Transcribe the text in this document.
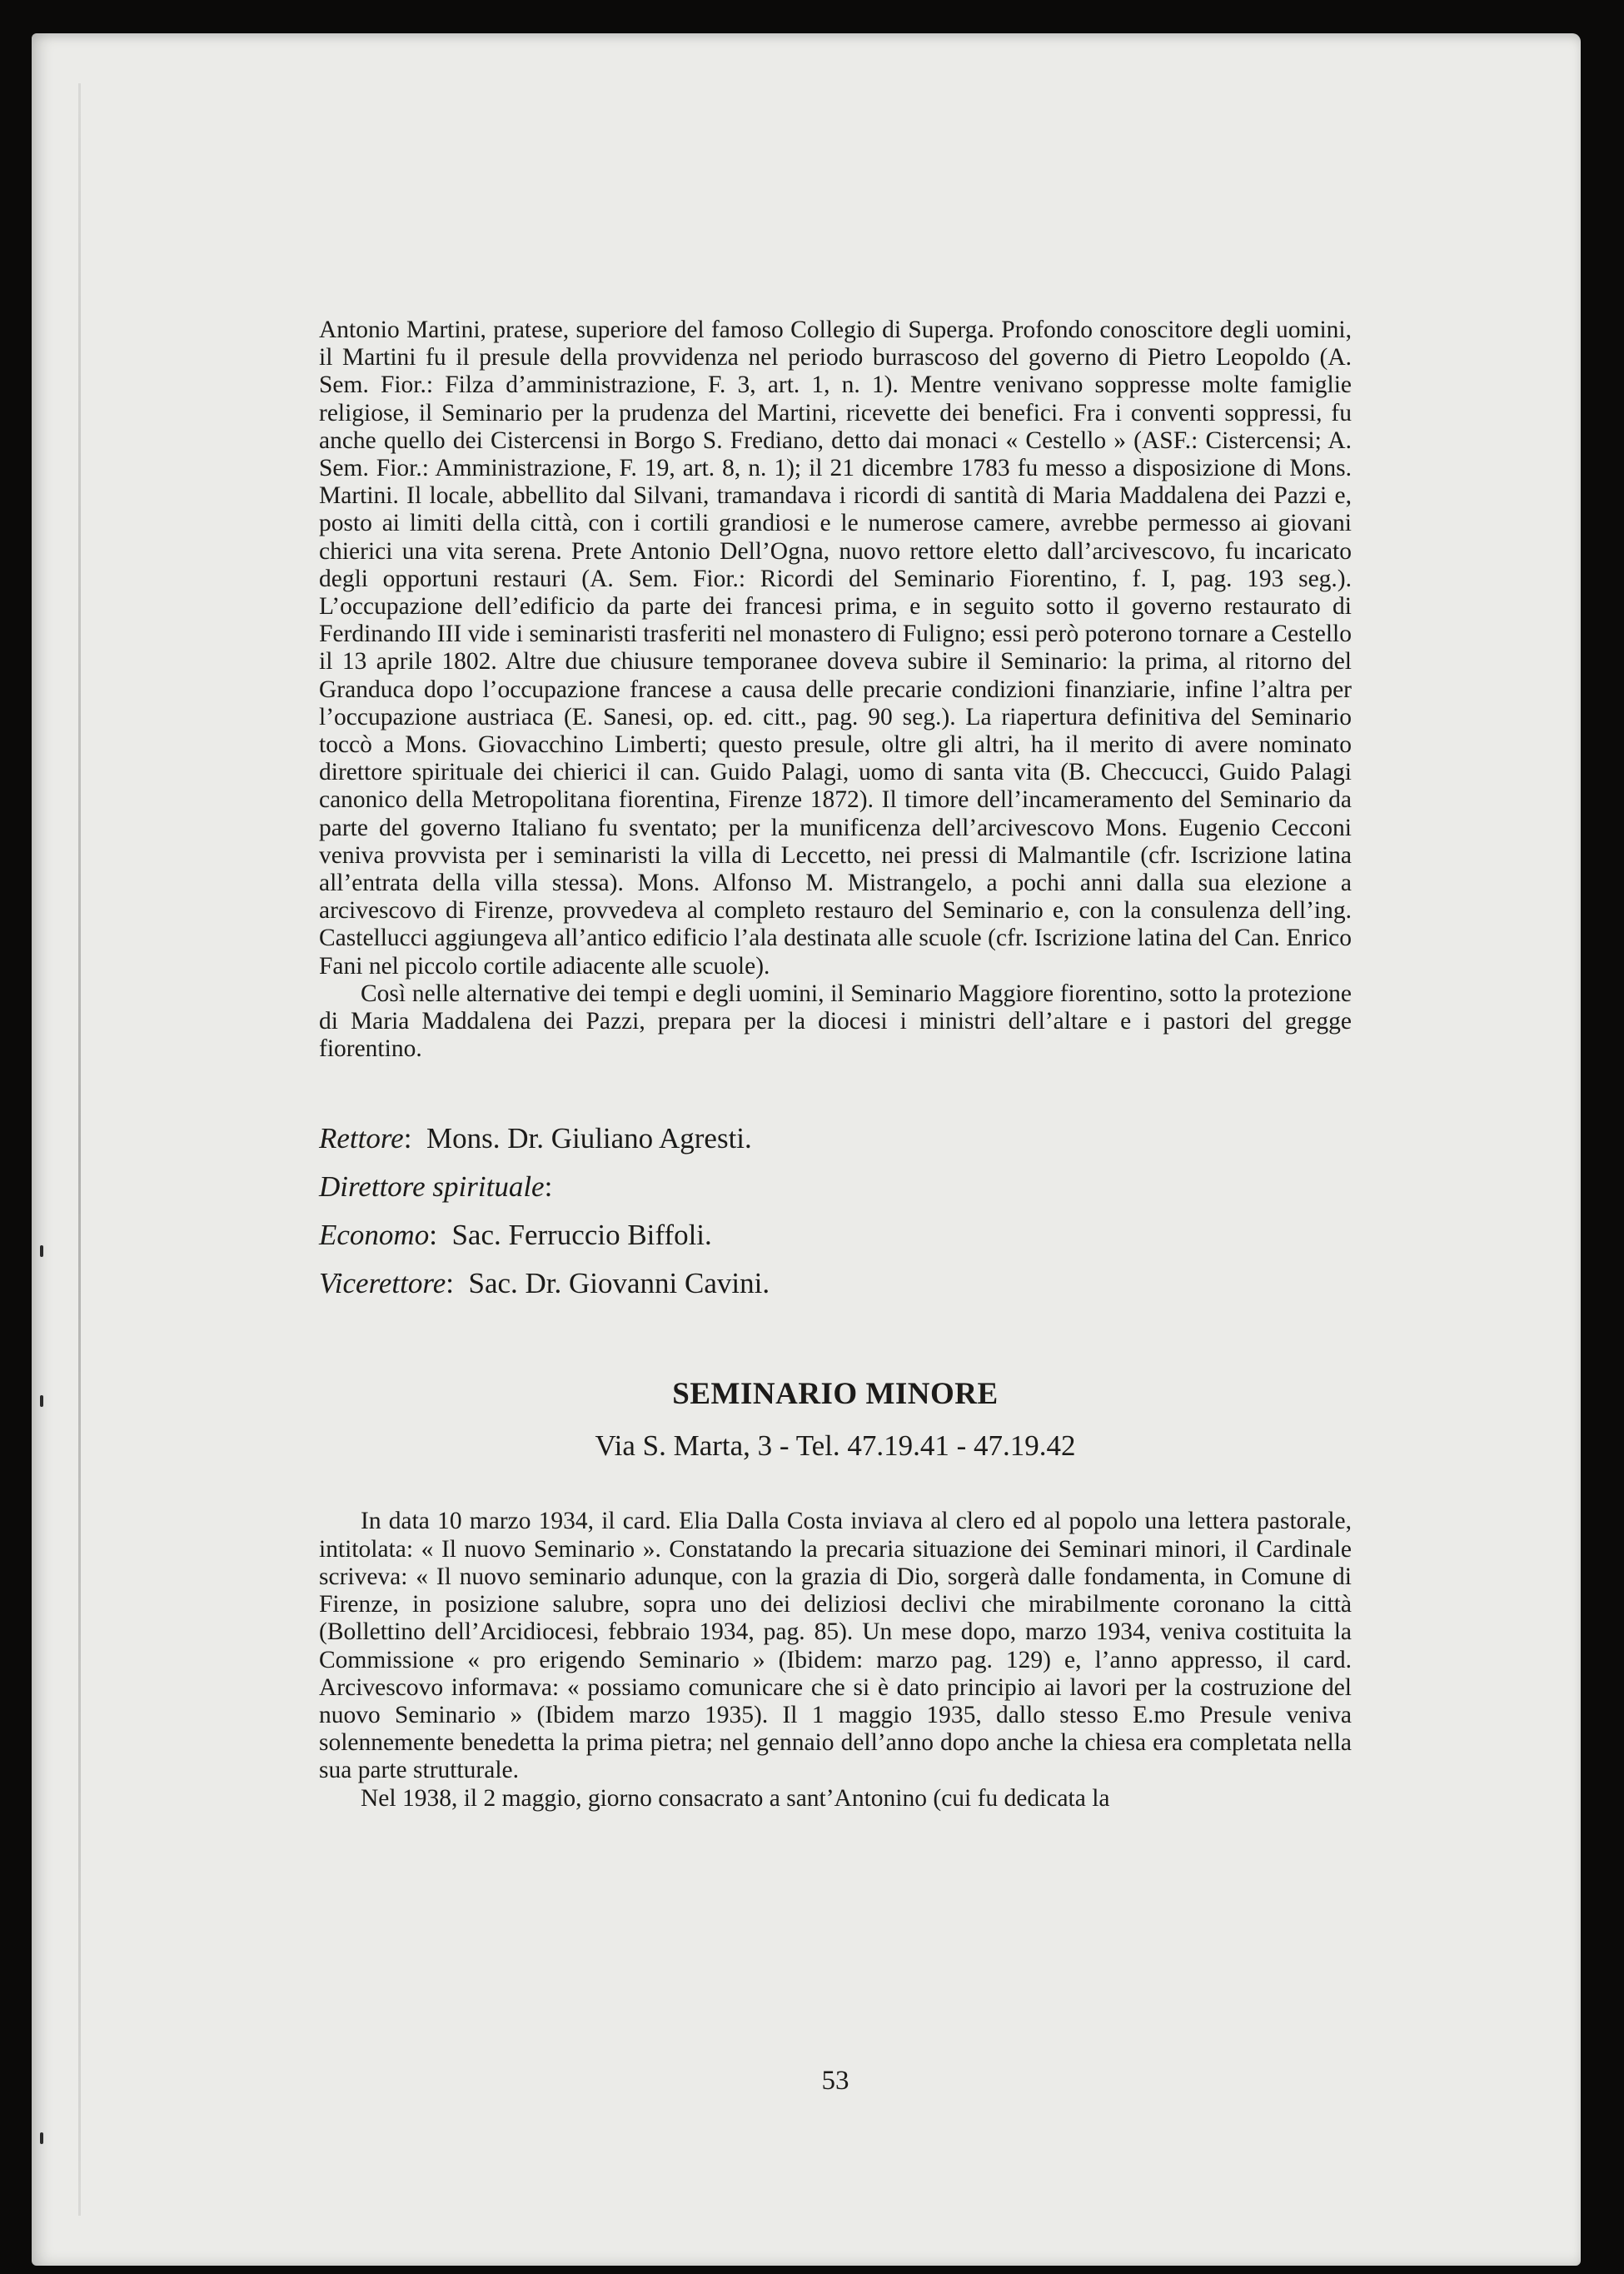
Antonio Martini, pratese, superiore del famoso Collegio di Superga. Profondo conoscitore degli uomini, il Martini fu il presule della provvidenza nel periodo burrascoso del governo di Pietro Leopoldo (A. Sem. Fior.: Filza d’amministrazione, F. 3, art. 1, n. 1). Mentre venivano soppresse molte famiglie religiose, il Seminario per la prudenza del Martini, ricevette dei benefici. Fra i conventi soppressi, fu anche quello dei Cistercensi in Borgo S. Frediano, detto dai monaci « Cestello » (ASF.: Cistercensi; A. Sem. Fior.: Amministrazione, F. 19, art. 8, n. 1); il 21 dicembre 1783 fu messo a disposizione di Mons. Martini. Il locale, abbellito dal Silvani, tramandava i ricordi di santità di Maria Maddalena dei Pazzi e, posto ai limiti della città, con i cortili grandiosi e le numerose camere, avrebbe permesso ai giovani chierici una vita serena. Prete Antonio Dell’Ogna, nuovo rettore eletto dall’arcivescovo, fu incaricato degli opportuni restauri (A. Sem. Fior.: Ricordi del Seminario Fiorentino, f. I, pag. 193 seg.). L’occupazione dell’edificio da parte dei francesi prima, e in seguito sotto il governo restaurato di Ferdinando III vide i seminaristi trasferiti nel monastero di Fuligno; essi però poterono tornare a Cestello il 13 aprile 1802. Altre due chiusure temporanee doveva subire il Seminario: la prima, al ritorno del Granduca dopo l’occupazione francese a causa delle precarie condizioni finanziarie, infine l’altra per l’occupazione austriaca (E. Sanesi, op. ed. citt., pag. 90 seg.). La riapertura definitiva del Seminario toccò a Mons. Giovacchino Limberti; questo presule, oltre gli altri, ha il merito di avere nominato direttore spirituale dei chierici il can. Guido Palagi, uomo di santa vita (B. Checcucci, Guido Palagi canonico della Metropolitana fiorentina, Firenze 1872). Il timore dell’incameramento del Seminario da parte del governo Italiano fu sventato; per la munificenza dell’arcivescovo Mons. Eugenio Cecconi veniva provvista per i seminaristi la villa di Leccetto, nei pressi di Malmantile (cfr. Iscrizione latina all’entrata della villa stessa). Mons. Alfonso M. Mistrangelo, a pochi anni dalla sua elezione a arcivescovo di Firenze, provvedeva al completo restauro del Seminario e, con la consulenza dell’ing. Castellucci aggiungeva all’antico edificio l’ala destinata alle scuole (cfr. Iscrizione latina del Can. Enrico Fani nel piccolo cortile adiacente alle scuole).

Così nelle alternative dei tempi e degli uomini, il Seminario Maggiore fiorentino, sotto la protezione di Maria Maddalena dei Pazzi, prepara per la diocesi i ministri dell’altare e i pastori del gregge fiorentino.

Rettore:  Mons. Dr. Giuliano Agresti.
Direttore spirituale:
Economo:  Sac. Ferruccio Biffoli.
Vicerettore:  Sac. Dr. Giovanni Cavini.
SEMINARIO MINORE
Via S. Marta, 3 - Tel. 47.19.41 - 47.19.42

In data 10 marzo 1934, il card. Elia Dalla Costa inviava al clero ed al popolo una lettera pastorale, intitolata: « Il nuovo Seminario ». Constatando la precaria situazione dei Seminari minori, il Cardinale scriveva: « Il nuovo seminario adunque, con la grazia di Dio, sorgerà dalle fondamenta, in Comune di Firenze, in posizione salubre, sopra uno dei deliziosi declivi che mirabilmente coronano la città (Bollettino dell’Arcidiocesi, febbraio 1934, pag. 85). Un mese dopo, marzo 1934, veniva costituita la Commissione « pro erigendo Seminario » (Ibidem: marzo pag. 129) e, l’anno appresso, il card. Arcivescovo informava: « possiamo comunicare che si è dato principio ai lavori per la costruzione del nuovo Seminario » (Ibidem marzo 1935). Il 1 maggio 1935, dallo stesso E.mo Presule veniva solennemente benedetta la prima pietra; nel gennaio dell’anno dopo anche la chiesa era completata nella sua parte strutturale.

Nel 1938, il 2 maggio, giorno consacrato a sant’Antonino (cui fu dedicata la

53
